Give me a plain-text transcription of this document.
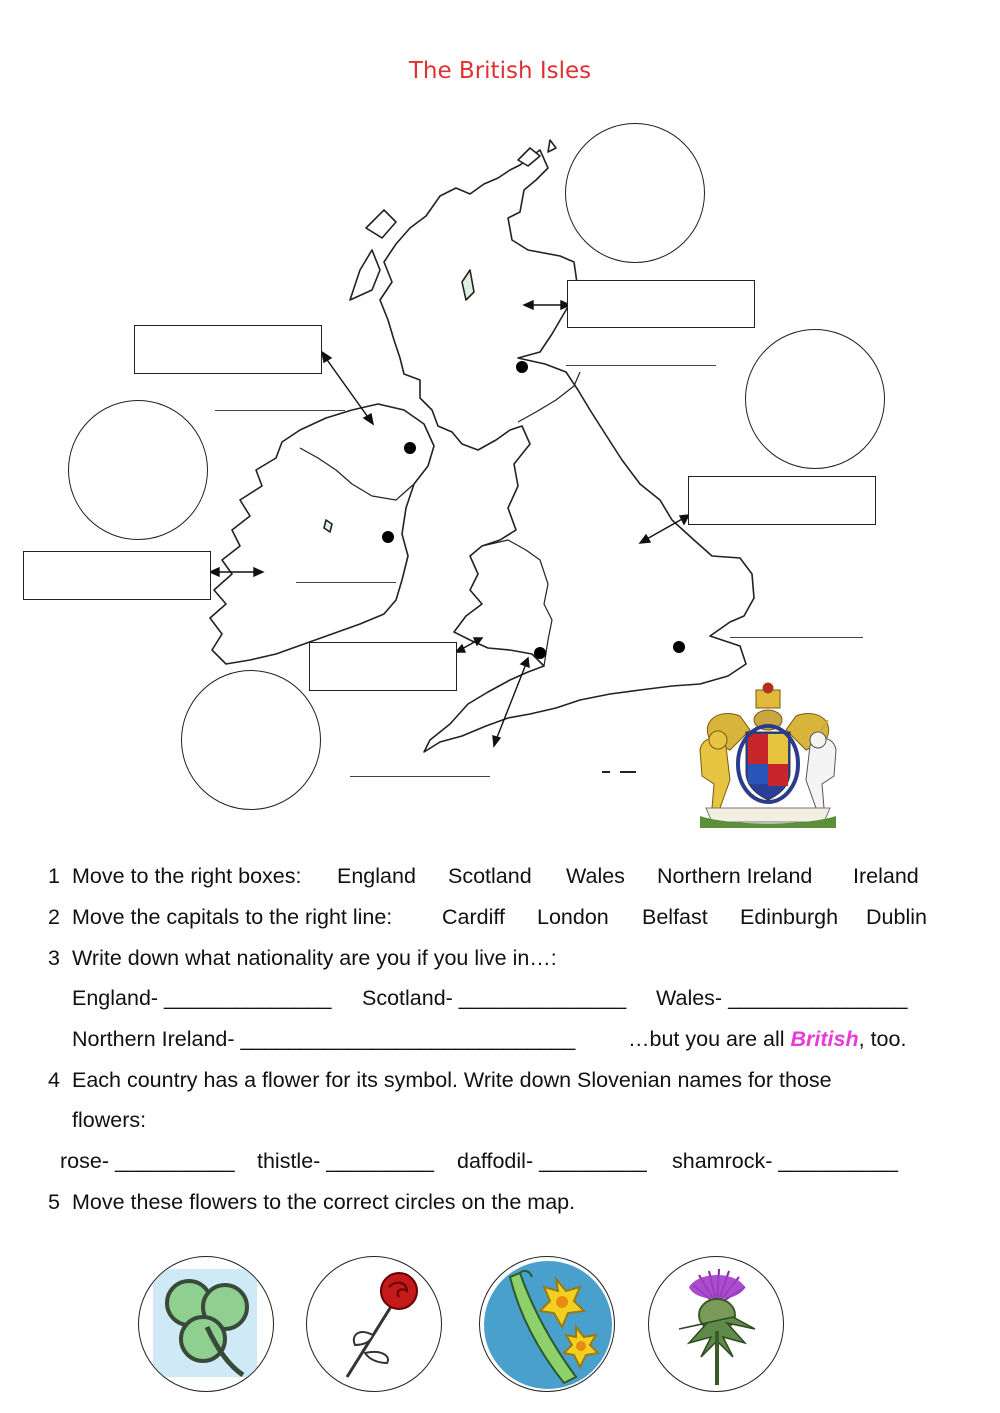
The British Isles
1 Move to the right boxes: England Scotland Wales Northern Ireland Ireland
2 Move the capitals to the right line: Cardiff London Belfast Edinburgh Dublin
3 Write down what nationality are you if you live in…:
England- ______________ Scotland- ______________ Wales- _______________
Northern Ireland- ____________________________ …but you are all British, too.
4 Each country has a flower for its symbol. Write down Slovenian names for those
flowers:
rose- __________ thistle- _________ daffodil- _________ shamrock- __________
5 Move these flowers to the correct circles on the map.
